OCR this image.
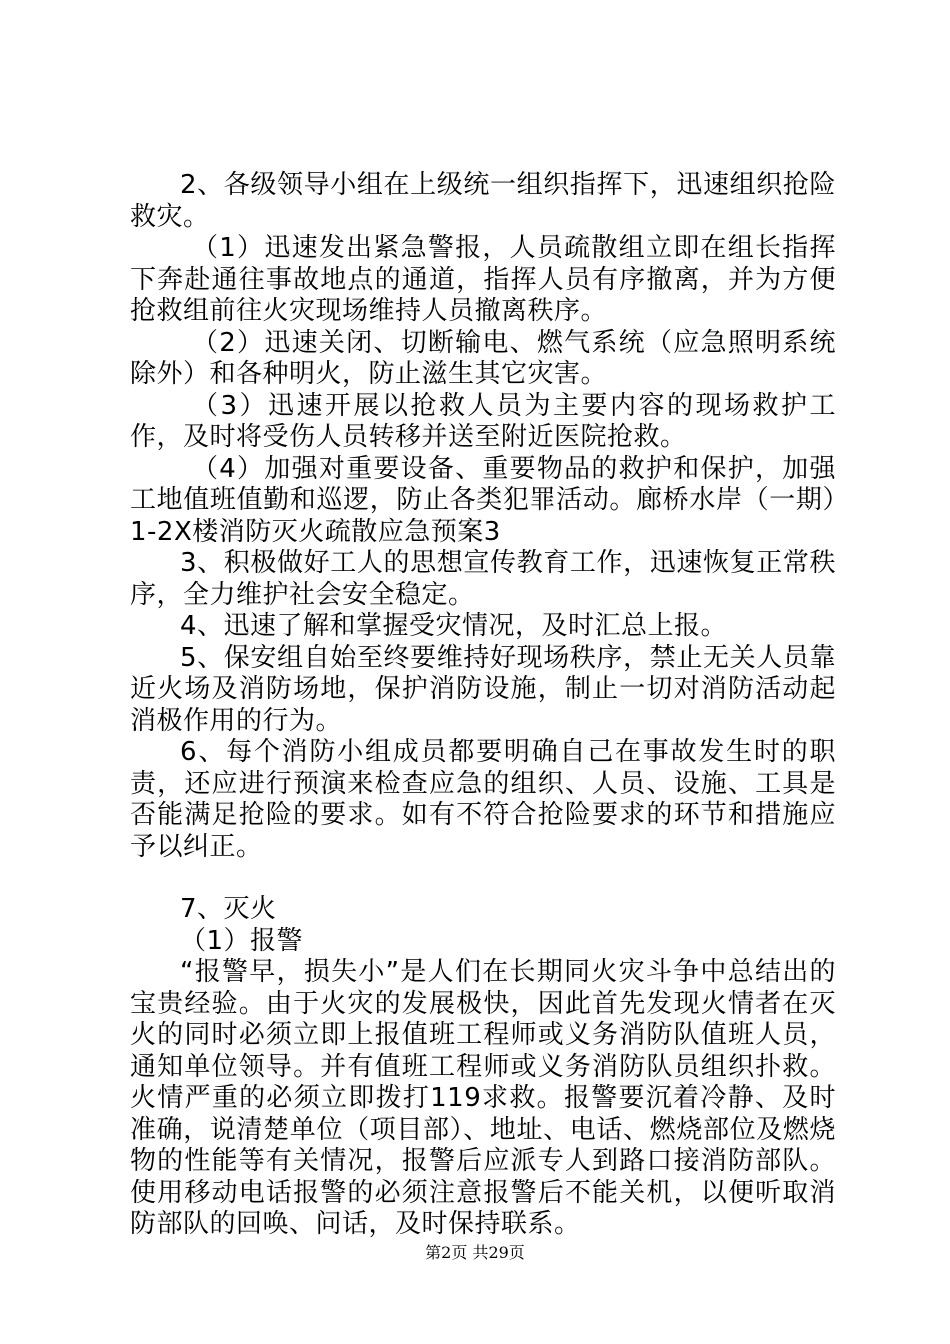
2、各级领导小组在上级统一组织指挥下，迅速组织抢险救灾。

（1）迅速发出紧急警报，人员疏散组立即在组长指挥下奔赴通往事故地点的通道，指挥人员有序撤离，并为方便抢救组前往火灾现场维持人员撤离秩序。

（2）迅速关闭、切断输电、燃气系统（应急照明系统除外）和各种明火，防止滋生其它灾害。

（3）迅速开展以抢救人员为主要内容的现场救护工作，及时将受伤人员转移并送至附近医院抢救。

（4）加强对重要设备、重要物品的救护和保护，加强工地值班值勤和巡逻，防止各类犯罪活动。廊桥水岸（一期）1-2X楼消防灭火疏散应急预案3

3、积极做好工人的思想宣传教育工作，迅速恢复正常秩序，全力维护社会安全稳定。

4、迅速了解和掌握受灾情况，及时汇总上报。

5、保安组自始至终要维持好现场秩序，禁止无关人员靠近火场及消防场地，保护消防设施，制止一切对消防活动起消极作用的行为。

6、每个消防小组成员都要明确自己在事故发生时的职责，还应进行预演来检查应急的组织、人员、设施、工具是否能满足抢险的要求。如有不符合抢险要求的环节和措施应予以纠正。

7、灭火

（1）报警

“报警早，损失小”是人们在长期同火灾斗争中总结出的宝贵经验。由于火灾的发展极快，因此首先发现火情者在灭火的同时必须立即上报值班工程师或义务消防队值班人员，通知单位领导。并有值班工程师或义务消防队员组织扑救。火情严重的必须立即拨打119求救。报警要沉着冷静、及时准确，说清楚单位（项目部）、地址、电话、燃烧部位及燃烧物的性能等有关情况，报警后应派专人到路口接消防部队。使用移动电话报警的必须注意报警后不能关机，以便听取消防部队的回唤、问话，及时保持联系。

第2页 共29页
